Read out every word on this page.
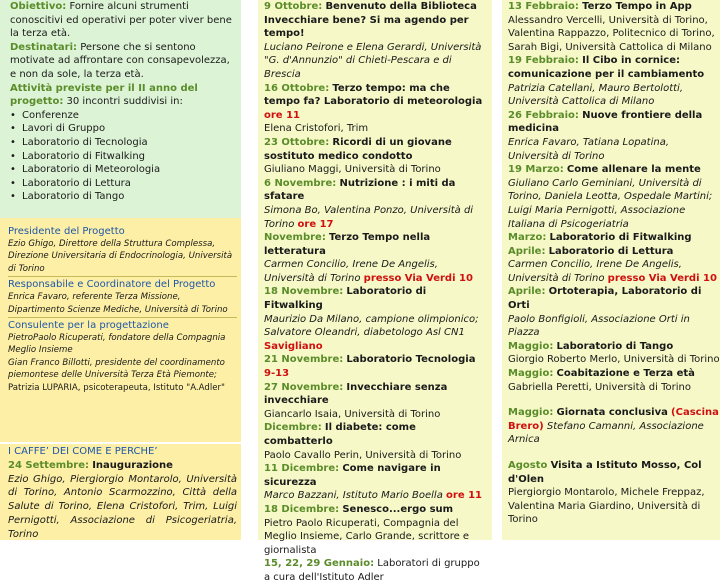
Obiettivo: Fornire alcuni strumenti conoscitivi ed operativi per poter viver bene la terza età.

Destinatari: Persone che si sentono motivate ad affrontare con consapevolezza, e non da sole, la terza età.

Attività previste per il II anno del progetto: 30 incontri suddivisi in:

• Conferenze
• Lavori di Gruppo
• Laboratorio di Tecnologia
• Laboratorio di Fitwalking
• Laboratorio di Meteorologia
• Laboratorio di Lettura
• Laboratorio di Tango
Presidente del Progetto
Ezio Ghigo, Direttore della Struttura Complessa, Direzione Universitaria di Endocrinologia, Università di Torino
Responsabile e Coordinatore del Progetto
Enrica Favaro, referente Terza Missione, Dipartimento Scienze Mediche, Università di Torino
Consulente per la progettazione
PietroPaolo Ricuperati, fondatore della Compagnia Meglio Insieme
Gian Franco Billotti, presidente del coordinamento piemontese delle Università Terza Età Piemonte;
Patrizia LUPARIA, psicoterapeuta, Istituto "A.Adler"
I CAFFE’ DEI COME E PERCHE’

24 Settembre: Inaugurazione

Ezio Ghigo, Piergiorgio Montarolo, Università di Torino, Antonio Scarmozzino, Città della Salute di Torino, Elena Cristofori, Trim, Luigi Pernigotti, Associazione di Psicogeriatria, Torino

9 Ottobre: Benvenuto della Biblioteca
Invecchiare bene? Si ma agendo per tempo!
Luciano Peirone e Elena Gerardi, Università "G. d'Annunzio" di Chieti-Pescara e di Brescia

16 Ottobre: Terzo tempo: ma che tempo fa? Laboratorio di meteorologia ore 11
Elena Cristofori, Trim

23 Ottobre: Ricordi di un giovane sostituto medico condotto
Giuliano Maggi, Università di Torino

6 Novembre: Nutrizione : i miti da sfatare
Simona Bo, Valentina Ponzo, Università di Torino ore 17

Novembre: Terzo Tempo nella letteratura
Carmen Concilio, Irene De Angelis, Università di Torino presso Via Verdi 10

18 Novembre: Laboratorio di Fitwalking
Maurizio Da Milano, campione olimpionico; Salvatore Oleandri, diabetologo Asl CN1
Savigliano

21 Novembre: Laboratorio Tecnologia 9-13

27 Novembre: Invecchiare senza invecchiare
Giancarlo Isaia, Università di Torino

Dicembre: Il diabete: come combatterlo
Paolo Cavallo Perin, Università di Torino

11 Dicembre: Come navigare in sicurezza
Marco Bazzani, Istituto Mario Boella ore 11

18 Dicembre: Senesco...ergo sum
Pietro Paolo Ricuperati, Compagnia del Meglio Insieme, Carlo Grande, scrittore e giornalista

15, 22, 29 Gennaio: Laboratori di gruppo
a cura dell'Istituto Adler

13 Febbraio: Terzo Tempo in App
Alessandro Vercelli, Università di Torino, Valentina Rappazzo, Politecnico di Torino, Sarah Bigi, Università Cattolica di Milano

19 Febbraio: Il Cibo in cornice: comunicazione per il cambiamento
Patrizia Catellani, Mauro Bertolotti, Università Cattolica di Milano

26 Febbraio: Nuove frontiere della medicina
Enrica Favaro, Tatiana Lopatina, Università di Torino

19 Marzo: Come allenare la mente
Giuliano Carlo Geminiani, Università di Torino, Daniela Leotta, Ospedale Martini; Luigi Maria Pernigotti, Associazione Italiana di Psicogeriatria

Marzo: Laboratorio di Fitwalking

Aprile: Laboratorio di Lettura
Carmen Concilio, Irene De Angelis, Università di Torino presso Via Verdi 10

Aprile: Ortoterapia, Laboratorio di Orti
Paolo Bonfigioli, Associazione Orti in Piazza

Maggio: Laboratorio di Tango
Giorgio Roberto Merlo, Università di Torino

Maggio: Coabitazione e Terza età
Gabriella Peretti, Università di Torino

Maggio: Giornata conclusiva (Cascina Brero) Stefano Camanni, Associazione Arnica

Agosto Visita a Istituto Mosso, Col d'Olen
Piergiorgio Montarolo, Michele Freppaz, Valentina Maria Giardino, Università di Torino
